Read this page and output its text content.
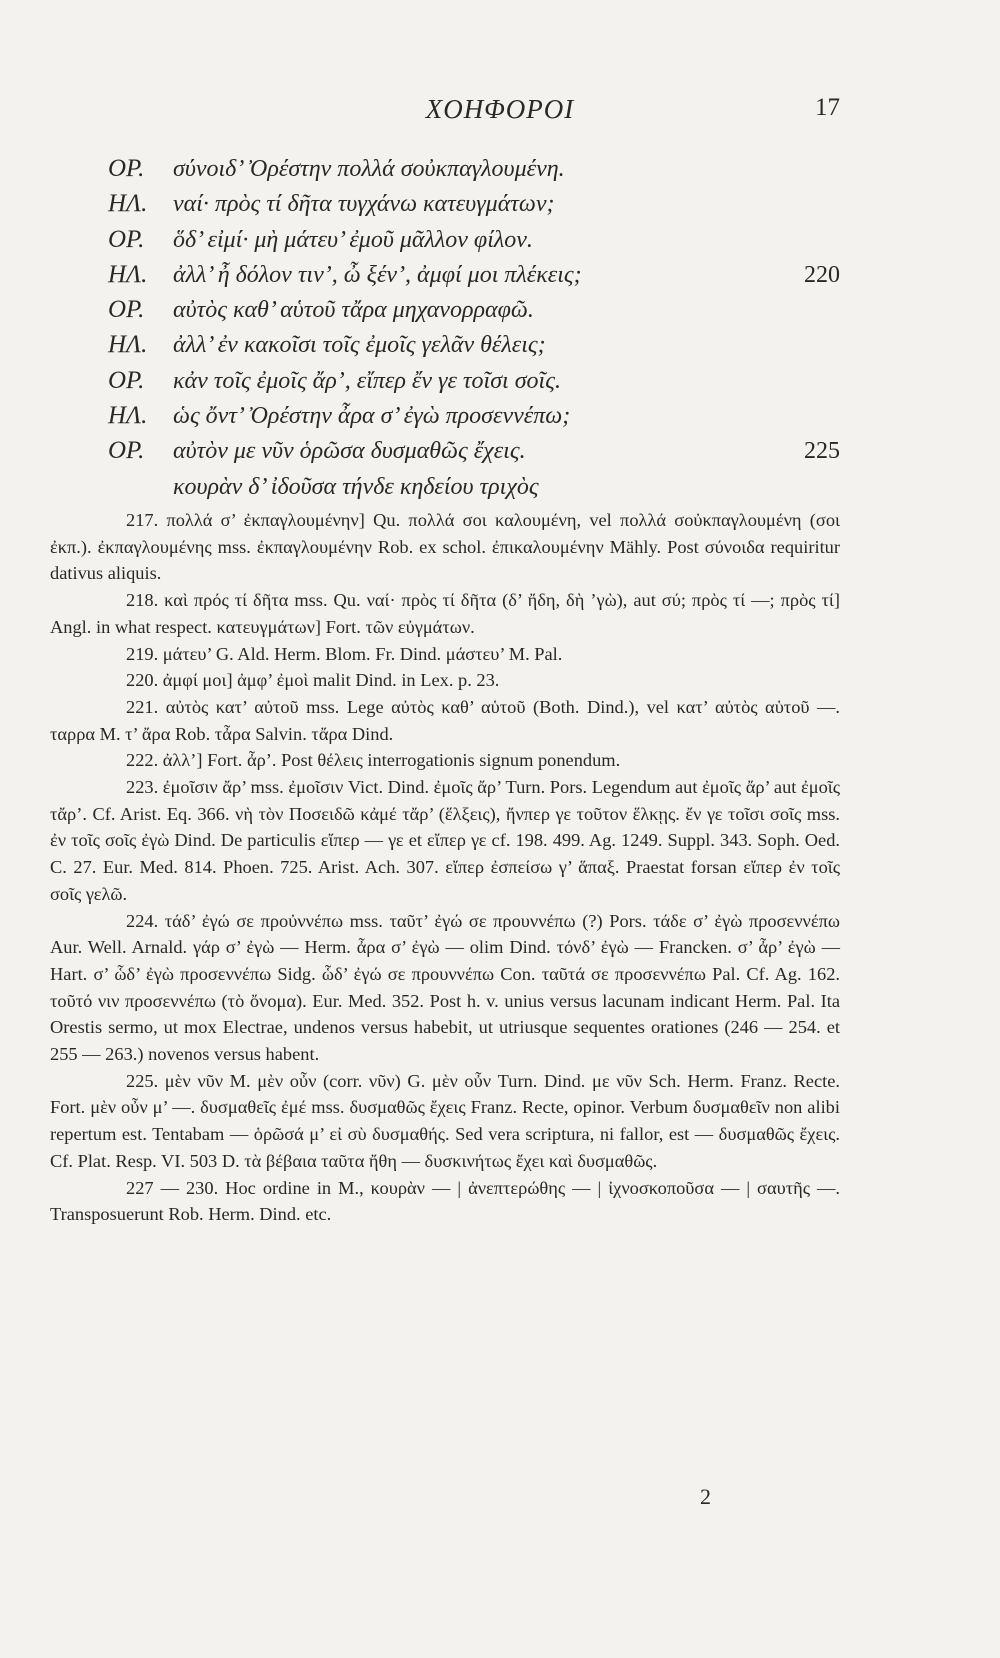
ΧΟΗΦΟΡΟΙ	17
ΟΡ.	σύνοιδ’ Ὀρέστην πολλά σοὐκπαγλουμένη.
ΗΛ.	ναί· πρὸς τί δῆτα τυγχάνω κατευγμάτων;
ΟΡ.	ὅδ’ εἰμί· μὴ μάτευ’ ἐμοῦ μᾶλλον φίλον.
ΗΛ.	ἀλλ’ ἦ δόλον τιν’, ὦ ξέν’, ἀμφί μοι πλέκεις;	220
ΟΡ.	αὐτὸς καθ’ αὑτοῦ τἄρα μηχανορραφῶ.
ΗΛ.	ἀλλ’ ἐν κακοῖσι τοῖς ἐμοῖς γελᾶν θέλεις;
ΟΡ.	κἀν τοῖς ἐμοῖς ἄρ’, εἴπερ ἔν γε τοῖσι σοῖς.
ΗΛ.	ὡς ὄντ’ Ὀρέστην ἆρα σ’ ἐγὼ προσεννέπω;
ΟΡ.	αὐτὸν με νῦν ὁρῶσα δυσμαθῶς ἔχεις.	225
κουρὰν δ’ ἰδοῦσα τήνδε κηδείου τριχὸς

217. πολλά σ’ ἐκπαγλουμένην] Qu. πολλά σοι καλουμένη, vel πολλά σοὐκπαγλουμένη (σοι ἐκπ.). ἐκπαγλουμένης mss. ἐκπαγλουμένην Rob. ex schol. ἐπικαλουμένην Mähly. Post σύνοιδα requiritur dativus aliquis.

218. καὶ πρός τί δῆτα mss. Qu. ναί· πρὸς τί δῆτα (δ’ ἤδη, δὴ ’γὼ), aut σύ; πρὸς τί —; πρὸς τί] Angl. in what respect. κατευγμάτων] Fort. τῶν εὐγμάτων.

219. μάτευ’ G. Ald. Herm. Blom. Fr. Dind. μάστευ’ M. Pal.

220. ἀμφί μοι] ἀμφ’ ἐμοὶ malit Dind. in Lex. p. 23.

221. αὐτὸς κατ’ αὐτοῦ mss. Lege αὐτὸς καθ’ αὑτοῦ (Both. Dind.), vel κατ’ αὐτὸς αὑτοῦ —. ταρρα M. τ’ ἄρα Rob. τἆρα Salvin. τἄρα Dind.

222. ἀλλ’] Fort. ἆρ’. Post θέλεις interrogationis signum ponendum.

223. ἐμοῖσιν ἄρ’ mss. ἐμοῖσιν Vict. Dind. ἐμοῖς ἄρ’ Turn. Pors. Legendum aut ἐμοῖς ἄρ’ aut ἐμοῖς τἄρ’. Cf. Arist. Eq. 366. νὴ τὸν Ποσειδῶ κἀμέ τἄρ’ (ἕλξεις), ἤνπερ γε τοῦτον ἕλκῃς. ἔν γε τοῖσι σοῖς mss. ἐν τοῖς σοῖς ἐγὼ Dind. De particulis εἴπερ — γε et εἴπερ γε cf. 198. 499. Ag. 1249. Suppl. 343. Soph. Oed. C. 27. Eur. Med. 814. Phoen. 725. Arist. Ach. 307. εἴπερ ἐσπείσω γ’ ἅπαξ. Praestat forsan εἴπερ ἐν τοῖς σοῖς γελῶ.

224. τάδ’ ἐγώ σε προὐννέπω mss. ταῦτ’ ἐγώ σε προυννέπω (?) Pors. τάδε σ’ ἐγὼ προσεννέπω Aur. Well. Arnald. γάρ σ’ ἐγὼ — Herm. ἆρα σ’ ἐγὼ — olim Dind. τόνδ’ ἐγὼ — Francken. σ’ ἆρ’ ἐγὼ — Hart. σ’ ὧδ’ ἐγὼ προσεννέπω Sidg. ὧδ’ ἐγώ σε προυννέπω Con. ταῦτά σε προσεννέπω Pal. Cf. Ag. 162. τοῦτό νιν προσεννέπω (τὸ ὄνομα). Eur. Med. 352. Post h. v. unius versus lacunam indicant Herm. Pal. Ita Orestis sermo, ut mox Electrae, undenos versus habebit, ut utriusque sequentes orationes (246 — 254. et 255 — 263.) novenos versus habent.

225. μὲν νῦν M. μὲν οὖν (corr. νῦν) G. μὲν οὖν Turn. Dind. με νῦν Sch. Herm. Franz. Recte. Fort. μὲν οὖν μ’ —. δυσμαθεῖς ἐμέ mss. δυσμαθῶς ἔχεις Franz. Recte, opinor. Verbum δυσμαθεῖν non alibi repertum est. Tentabam — ὁρῶσά μ’ εἰ σὺ δυσμαθής. Sed vera scriptura, ni fallor, est — δυσμαθῶς ἔχεις. Cf. Plat. Resp. VI. 503 D. τὰ βέβαια ταῦτα ἤθη — δυσκινήτως ἔχει καὶ δυσμαθῶς.

227 — 230. Hoc ordine in M., κουρὰν — | ἀνεπτερώθης — | ἰχνοσκοποῦσα — | σαυτῆς —. Transposuerunt Rob. Herm. Dind. etc.

2
